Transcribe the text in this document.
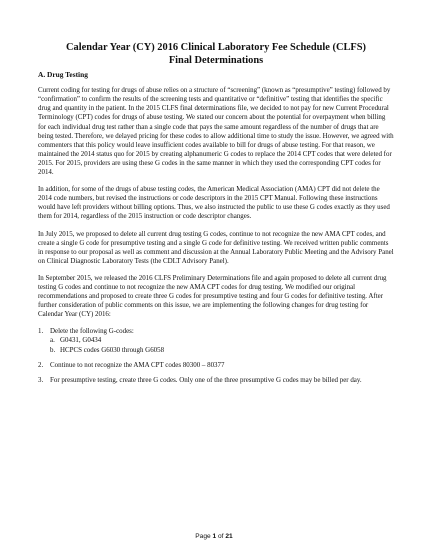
Calendar Year (CY) 2016 Clinical Laboratory Fee Schedule (CLFS)
Final Determinations

A. Drug Testing

Current coding for testing for drugs of abuse relies on a structure of “screening” (known as “presumptive” testing) followed by “confirmation” to confirm the results of the screening tests and quantitative or “definitive” testing that identifies the specific drug and quantity in the patient. In the 2015 CLFS final determinations file, we decided to not pay for new Current Procedural Terminology (CPT) codes for drugs of abuse testing. We stated our concern about the potential for overpayment when billing for each individual drug test rather than a single code that pays the same amount regardless of the number of drugs that are being tested. Therefore, we delayed pricing for these codes to allow additional time to study the issue. However, we agreed with commenters that this policy would leave insufficient codes available to bill for drugs of abuse testing. For that reason, we maintained the 2014 status quo for 2015 by creating alphanumeric G codes to replace the 2014 CPT codes that were deleted for 2015. For 2015, providers are using these G codes in the same manner in which they used the corresponding CPT codes for 2014.

In addition, for some of the drugs of abuse testing codes, the American Medical Association (AMA) CPT did not delete the 2014 code numbers, but revised the instructions or code descriptors in the 2015 CPT Manual. Following these instructions would have left providers without billing options. Thus, we also instructed the public to use these G codes exactly as they used them for 2014, regardless of the 2015 instruction or code descriptor changes.

In July 2015, we proposed to delete all current drug testing G codes, continue to not recognize the new AMA CPT codes, and create a single G code for presumptive testing and a single G code for definitive testing. We received written public comments in response to our proposal as well as comment and discussion at the Annual Laboratory Public Meeting and the Advisory Panel on Clinical Diagnostic Laboratory Tests (the CDLT Advisory Panel).

In September 2015, we released the 2016 CLFS Preliminary Determinations file and again proposed to delete all current drug testing G codes and continue to not recognize the new AMA CPT codes for drug testing. We modified our original recommendations and proposed to create three G codes for presumptive testing and four G codes for definitive testing. After further consideration of public comments on this issue, we are implementing the following changes for drug testing for Calendar Year (CY) 2016:

1. Delete the following G-codes:
a. G0431, G0434
b. HCPCS codes G6030 through G6058
2. Continue to not recognize the AMA CPT codes 80300 – 80377
3. For presumptive testing, create three G codes. Only one of the three presumptive G codes may be billed per day.
Page 1 of 21
